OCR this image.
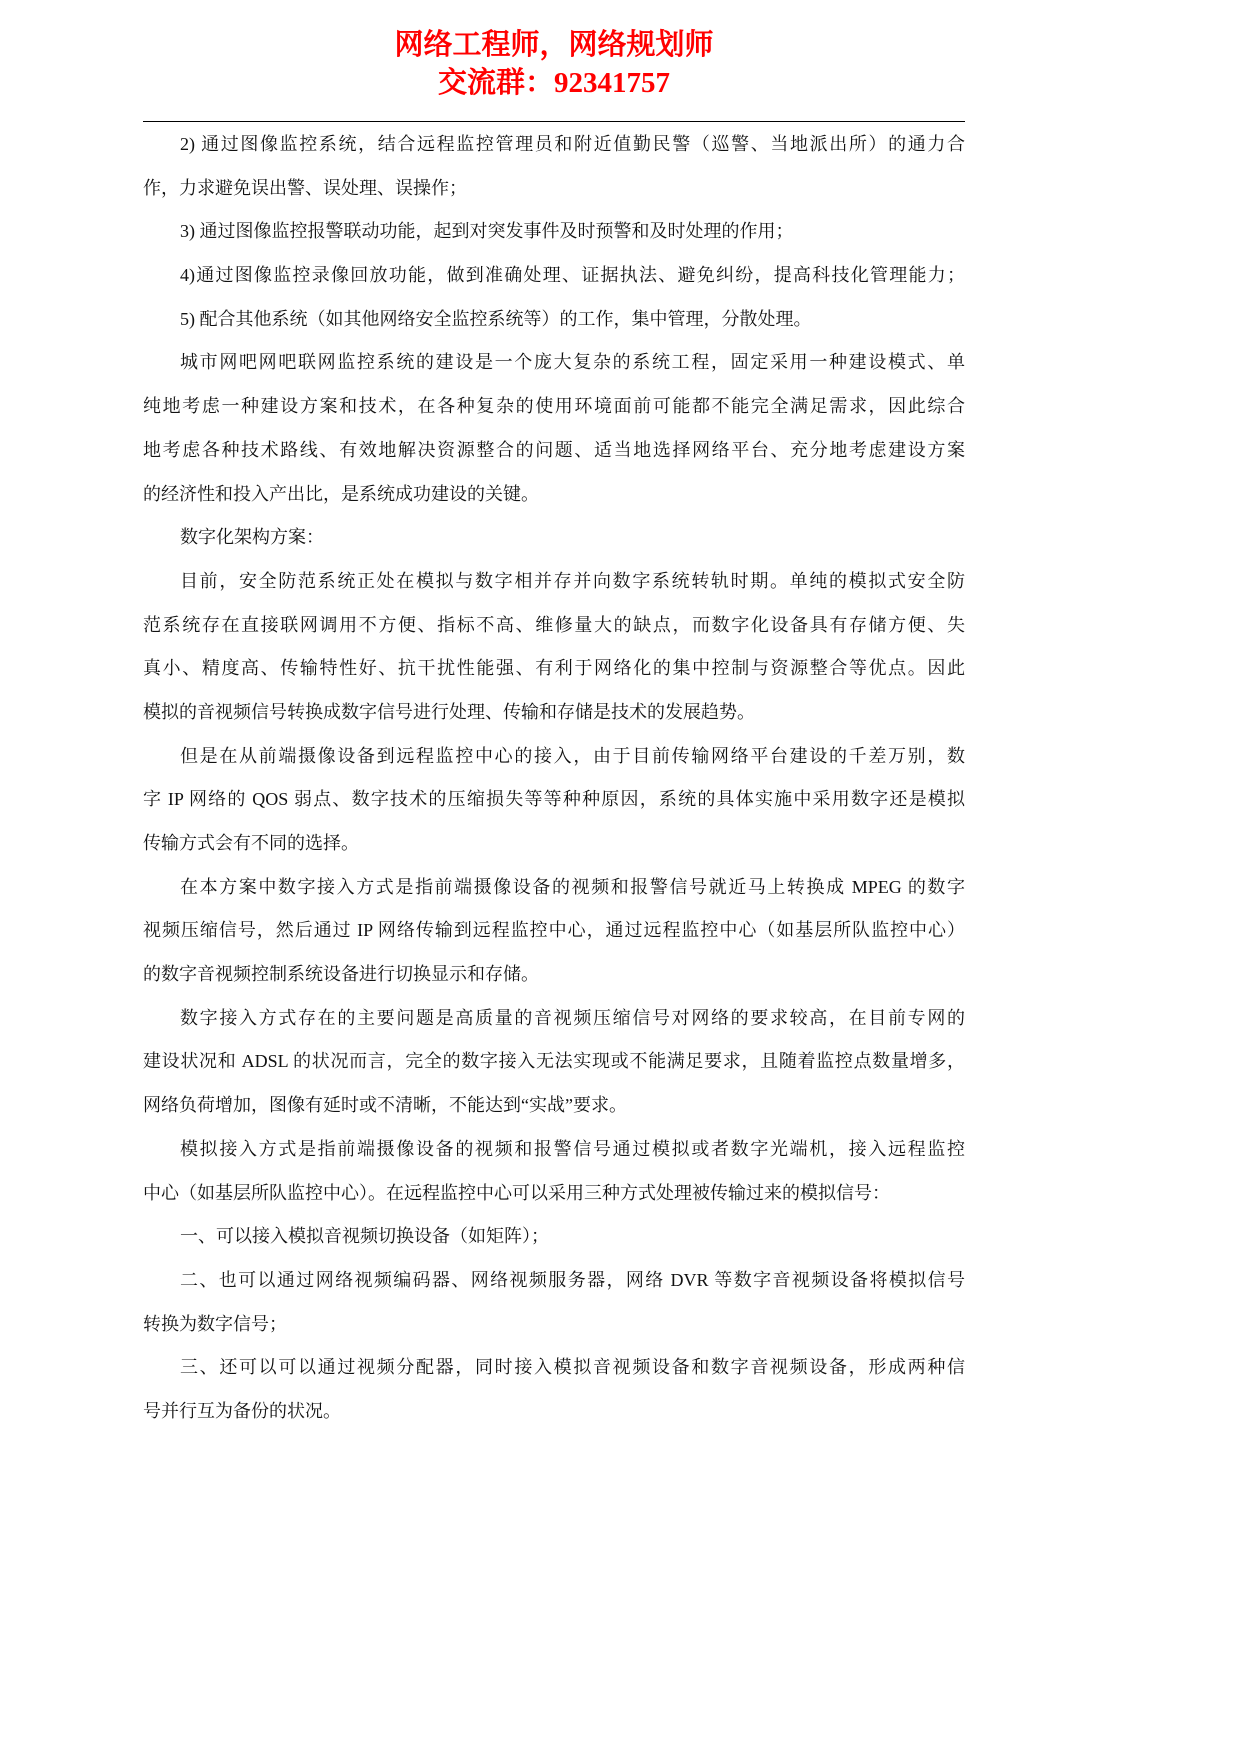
网络工程师，网络规划师
交流群：92341757
2) 通过图像监控系统，结合远程监控管理员和附近值勤民警（巡警、当地派出所）的通力合
作，力求避免误出警、误处理、误操作；
3) 通过图像监控报警联动功能，起到对突发事件及时预警和及时处理的作用；
4)通过图像监控录像回放功能，做到准确处理、证据执法、避免纠纷，提高科技化管理能力；
5) 配合其他系统（如其他网络安全监控系统等）的工作，集中管理，分散处理。
城市网吧网吧联网监控系统的建设是一个庞大复杂的系统工程，固定采用一种建设模式、单
纯地考虑一种建设方案和技术，在各种复杂的使用环境面前可能都不能完全满足需求，因此综合
地考虑各种技术路线、有效地解决资源整合的问题、适当地选择网络平台、充分地考虑建设方案
的经济性和投入产出比，是系统成功建设的关键。
数字化架构方案：
目前，安全防范系统正处在模拟与数字相并存并向数字系统转轨时期。单纯的模拟式安全防
范系统存在直接联网调用不方便、指标不高、维修量大的缺点，而数字化设备具有存储方便、失
真小、精度高、传输特性好、抗干扰性能强、有利于网络化的集中控制与资源整合等优点。因此
模拟的音视频信号转换成数字信号进行处理、传输和存储是技术的发展趋势。
但是在从前端摄像设备到远程监控中心的接入，由于目前传输网络平台建设的千差万别，数
字 IP 网络的 QOS 弱点、数字技术的压缩损失等等种种原因，系统的具体实施中采用数字还是模拟
传输方式会有不同的选择。
在本方案中数字接入方式是指前端摄像设备的视频和报警信号就近马上转换成 MPEG 的数字
视频压缩信号，然后通过 IP 网络传输到远程监控中心，通过远程监控中心（如基层所队监控中心）
的数字音视频控制系统设备进行切换显示和存储。
数字接入方式存在的主要问题是高质量的音视频压缩信号对网络的要求较高，在目前专网的
建设状况和 ADSL 的状况而言，完全的数字接入无法实现或不能满足要求，且随着监控点数量增多，
网络负荷增加，图像有延时或不清晰，不能达到“实战”要求。
模拟接入方式是指前端摄像设备的视频和报警信号通过模拟或者数字光端机，接入远程监控
中心（如基层所队监控中心）。在远程监控中心可以采用三种方式处理被传输过来的模拟信号：
一、可以接入模拟音视频切换设备（如矩阵）；
二、也可以通过网络视频编码器、网络视频服务器，网络 DVR 等数字音视频设备将模拟信号
转换为数字信号；
三、还可以可以通过视频分配器，同时接入模拟音视频设备和数字音视频设备，形成两种信
号并行互为备份的状况。
